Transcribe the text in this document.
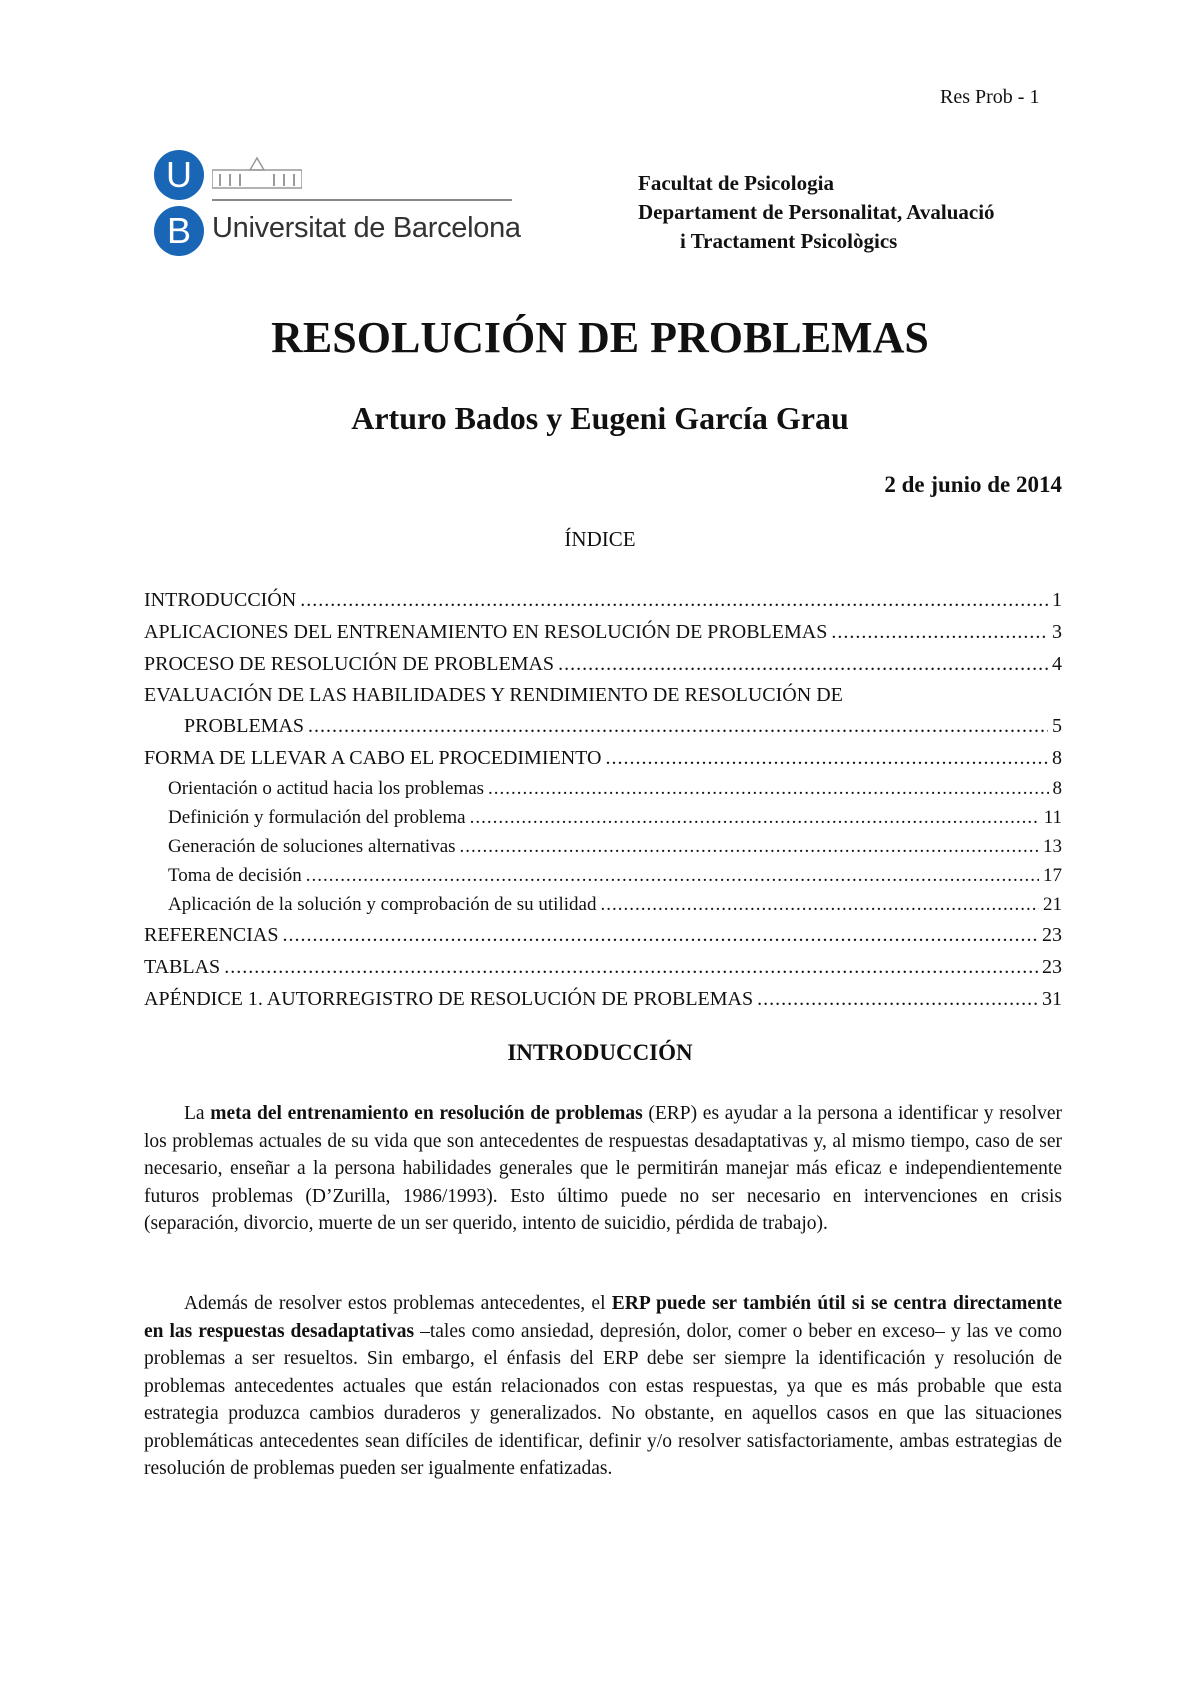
Res Prob - 1
U
B Universitat de Barcelona
Facultat de Psicologia
Departament de Personalitat, Avaluació
i Tractament Psicològics
RESOLUCIÓN DE PROBLEMAS
Arturo Bados y Eugeni García Grau
2 de junio de 2014
ÍNDICE
INTRODUCCIÓN .....	1
APLICACIONES DEL ENTRENAMIENTO EN RESOLUCIÓN DE PROBLEMAS .....	3
PROCESO DE RESOLUCIÓN DE PROBLEMAS .....	4
EVALUACIÓN DE LAS HABILIDADES Y RENDIMIENTO DE RESOLUCIÓN DE
PROBLEMAS .....	5
FORMA DE LLEVAR A CABO EL PROCEDIMIENTO .....	8
Orientación o actitud hacia los problemas .....	8
Definición y formulación del problema .....	11
Generación de soluciones alternativas .....	13
Toma de decisión .....	17
Aplicación de la solución y comprobación de su utilidad .....	21
REFERENCIAS .....	23
TABLAS .....	23
APÉNDICE 1. AUTORREGISTRO DE RESOLUCIÓN DE PROBLEMAS .....	31
INTRODUCCIÓN

La meta del entrenamiento en resolución de problemas (ERP) es ayudar a la persona a identificar y resolver los problemas actuales de su vida que son antecedentes de respuestas desadaptativas y, al mismo tiempo, caso de ser necesario, enseñar a la persona habilidades generales que le permitirán manejar más eficaz e independientemente futuros problemas (D’Zurilla, 1986/1993). Esto último puede no ser necesario en intervenciones en crisis (separación, divorcio, muerte de un ser querido, intento de suicidio, pérdida de trabajo).

Además de resolver estos problemas antecedentes, el ERP puede ser también útil si se centra directamente en las respuestas desadaptativas –tales como ansiedad, depresión, dolor, comer o beber en exceso– y las ve como problemas a ser resueltos. Sin embargo, el énfasis del ERP debe ser siempre la identificación y resolución de problemas antecedentes actuales que están relacionados con estas respuestas, ya que es más probable que esta estrategia produzca cambios duraderos y generalizados. No obstante, en aquellos casos en que las situaciones problemáticas antecedentes sean difíciles de identificar, definir y/o resolver satisfactoriamente, ambas estrategias de resolución de problemas pueden ser igualmente enfatizadas.
